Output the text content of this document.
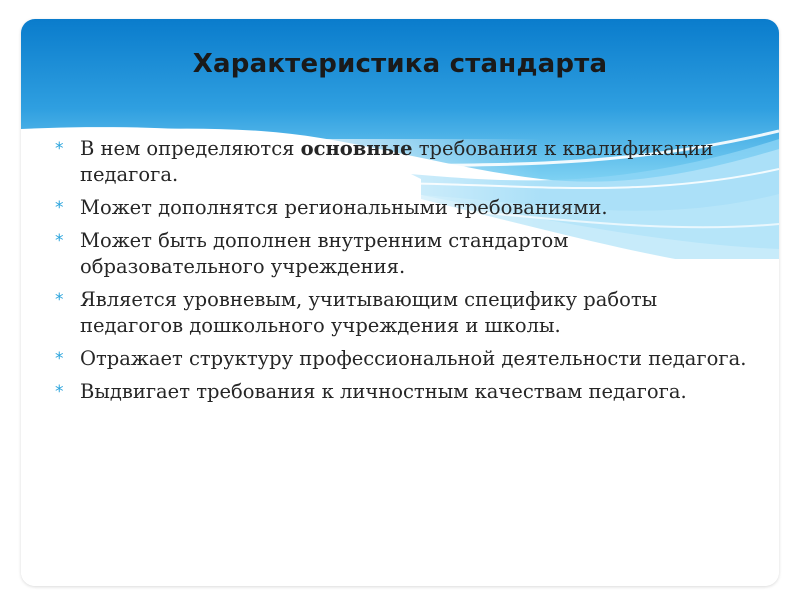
Характеристика стандарта
* В нем определяются основные требования к квалификации педагога.
* Может дополнятся региональными требованиями.
* Может быть дополнен внутренним стандартом образовательного учреждения.
* Является уровневым, учитывающим специфику работы педагогов дошкольного учреждения и школы.
* Отражает структуру профессиональной деятельности педагога.
* Выдвигает требования к личностным качествам педагога.
